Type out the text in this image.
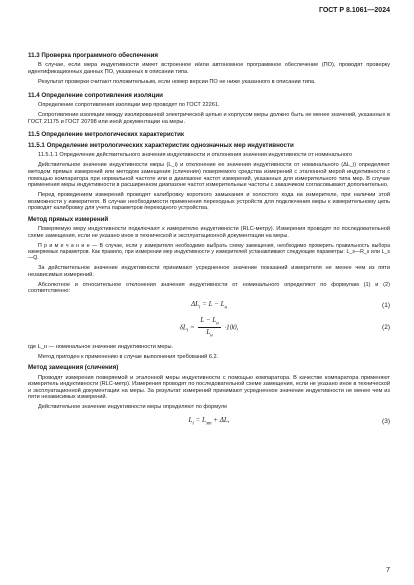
ГОСТ Р 8.1061—2024
11.3 Проверка программного обеспечения

В случае, если мера индуктивности имеет встроенное и/или автономное программное обеспечение (ПО), проводят проверку идентификационных данных ПО, указанных в описании типа.

Результат проверки считают положительным, если номер версии ПО не ниже указанного в описании типа.

11.4 Определение сопротивления изоляции

Определение сопротивления изоляции мер проводят по ГОСТ 22261.

Сопротивление изоляции между изолированной электрической цепью и корпусом меры должно быть не менее значений, указанных в ГОСТ 21175 и ГОСТ 20798 или иной документации на меры.

11.5 Определение метрологических характеристик
11.5.1 Определение метрологических характеристик однозначных мер индуктивности

11.5.1.1 Определение действительного значения индуктивности и отклонения значения индуктивности от номинального

Действительное значение индуктивности меры (L_i) и отклонение ее значения индуктивности от номинального (ΔL_i) определяют методом прямых измерений или методом замещения (сличения) поверяемого средства измерений с эталонной мерой индуктивности с помощью компаратора при нормальной частоте или в диапазоне частот измерений, указанных для измерительного типа мер. В случае применения меры индуктивности в расширенном диапазоне частот измерительные частоты с заказчиком согласовывают дополнительно.

Перед проведением измерений проводят калибровку короткого замыкания и холостого хода на измерителе, при наличии этой возможности у измерителя. В случае необходимости применения переходных устройств для подключения меры к измерительному цепь проводят калибровку для учета параметров переходного устройства.

Метод прямых измерений

Поверяемую меру индуктивности подключают к измерителю индуктивности (RLC-метру). Измерения проводят по последовательной схеме замещения, если не указано иное в технической и эксплуатационной документации на меры.

П р и м е ч а н и е — В случае, если у измерителя необходимо выбрать схему замещения, необходимо проверить правильность выбора измеряемых параметров. Как правило, при измерении мер индуктивности у измерителей устанавливают следующие параметры: L_s—R_s или L_s—Q.

За действительное значение индуктивности принимают усредненное значение показаний измерителя не менее чем из пяти независимых измерений.

Абсолютное и относительное отклонения значения индуктивности от номинального определяют по формулам (1) и (2) соответственно:

$\Delta L_i = L - L_н$	(1)
$\delta L_i = \frac{L - L_н}{L_н} \cdot 100$,	(2)

где L_н — номинальное значение индуктивности меры.

Метод пригоден к применению в случае выполнения требований 6.2.

Метод замещения (сличения)

Проводят измерения поверяемой и эталонной меры индуктивности с помощью компаратора. В качестве компаратора применяют измеритель индуктивности (RLC-метр). Измерения проводят по последовательной схеме замещения, если не указано иное в технической и эксплуатационной документации на меры. За результат измерений принимают усредненное значение индуктивности не менее чем из пяти независимых измерений.

Действительное значение индуктивности меры определяют по формуле

$L_i = L_{эт} + \Delta L$,	(3)
7
